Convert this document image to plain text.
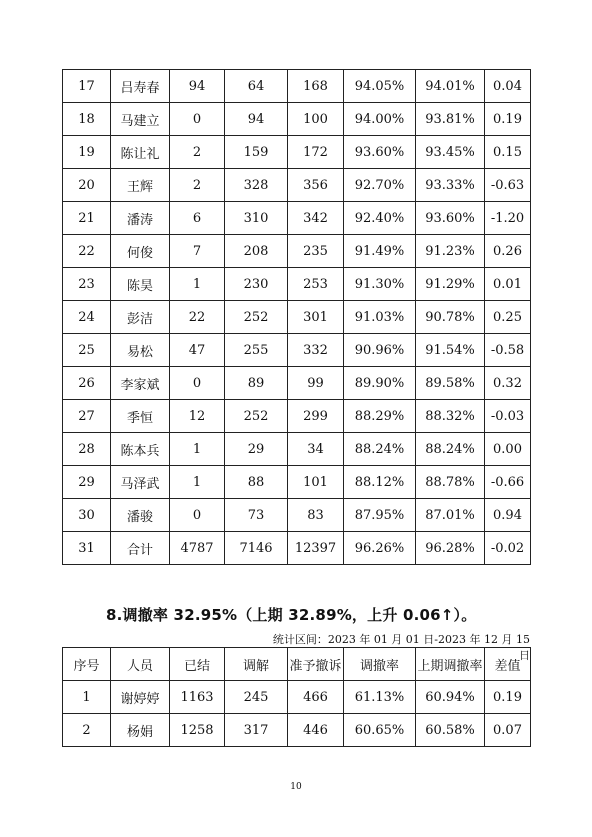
17	吕寿春	94	64	168	94.05%	94.01%	0.04
18	马建立	0	94	100	94.00%	93.81%	0.19
19	陈让礼	2	159	172	93.60%	93.45%	0.15
20	王辉	2	328	356	92.70%	93.33%	-0.63
21	潘涛	6	310	342	92.40%	93.60%	-1.20
22	何俊	7	208	235	91.49%	91.23%	0.26
23	陈昊	1	230	253	91.30%	91.29%	0.01
24	彭洁	22	252	301	91.03%	90.78%	0.25
25	易松	47	255	332	90.96%	91.54%	-0.58
26	李家斌	0	89	99	89.90%	89.58%	0.32
27	季恒	12	252	299	88.29%	88.32%	-0.03
28	陈本兵	1	29	34	88.24%	88.24%	0.00
29	马泽武	1	88	101	88.12%	88.78%	-0.66
30	潘骏	0	73	83	87.95%	87.01%	0.94
31	合计	4787	7146	12397	96.26%	96.28%	-0.02
8.调撤率 32.95%（上期 32.89%，上升 0.06↑）。
统计区间：2023 年 01 月 01 日-2023 年 12 月 15 日
序号	人员	已结	调解	准予撤诉	调撤率	上期调撤率	差值
1	谢婷婷	1163	245	466	61.13%	60.94%	0.19
2	杨娟	1258	317	446	60.65%	60.58%	0.07
10
